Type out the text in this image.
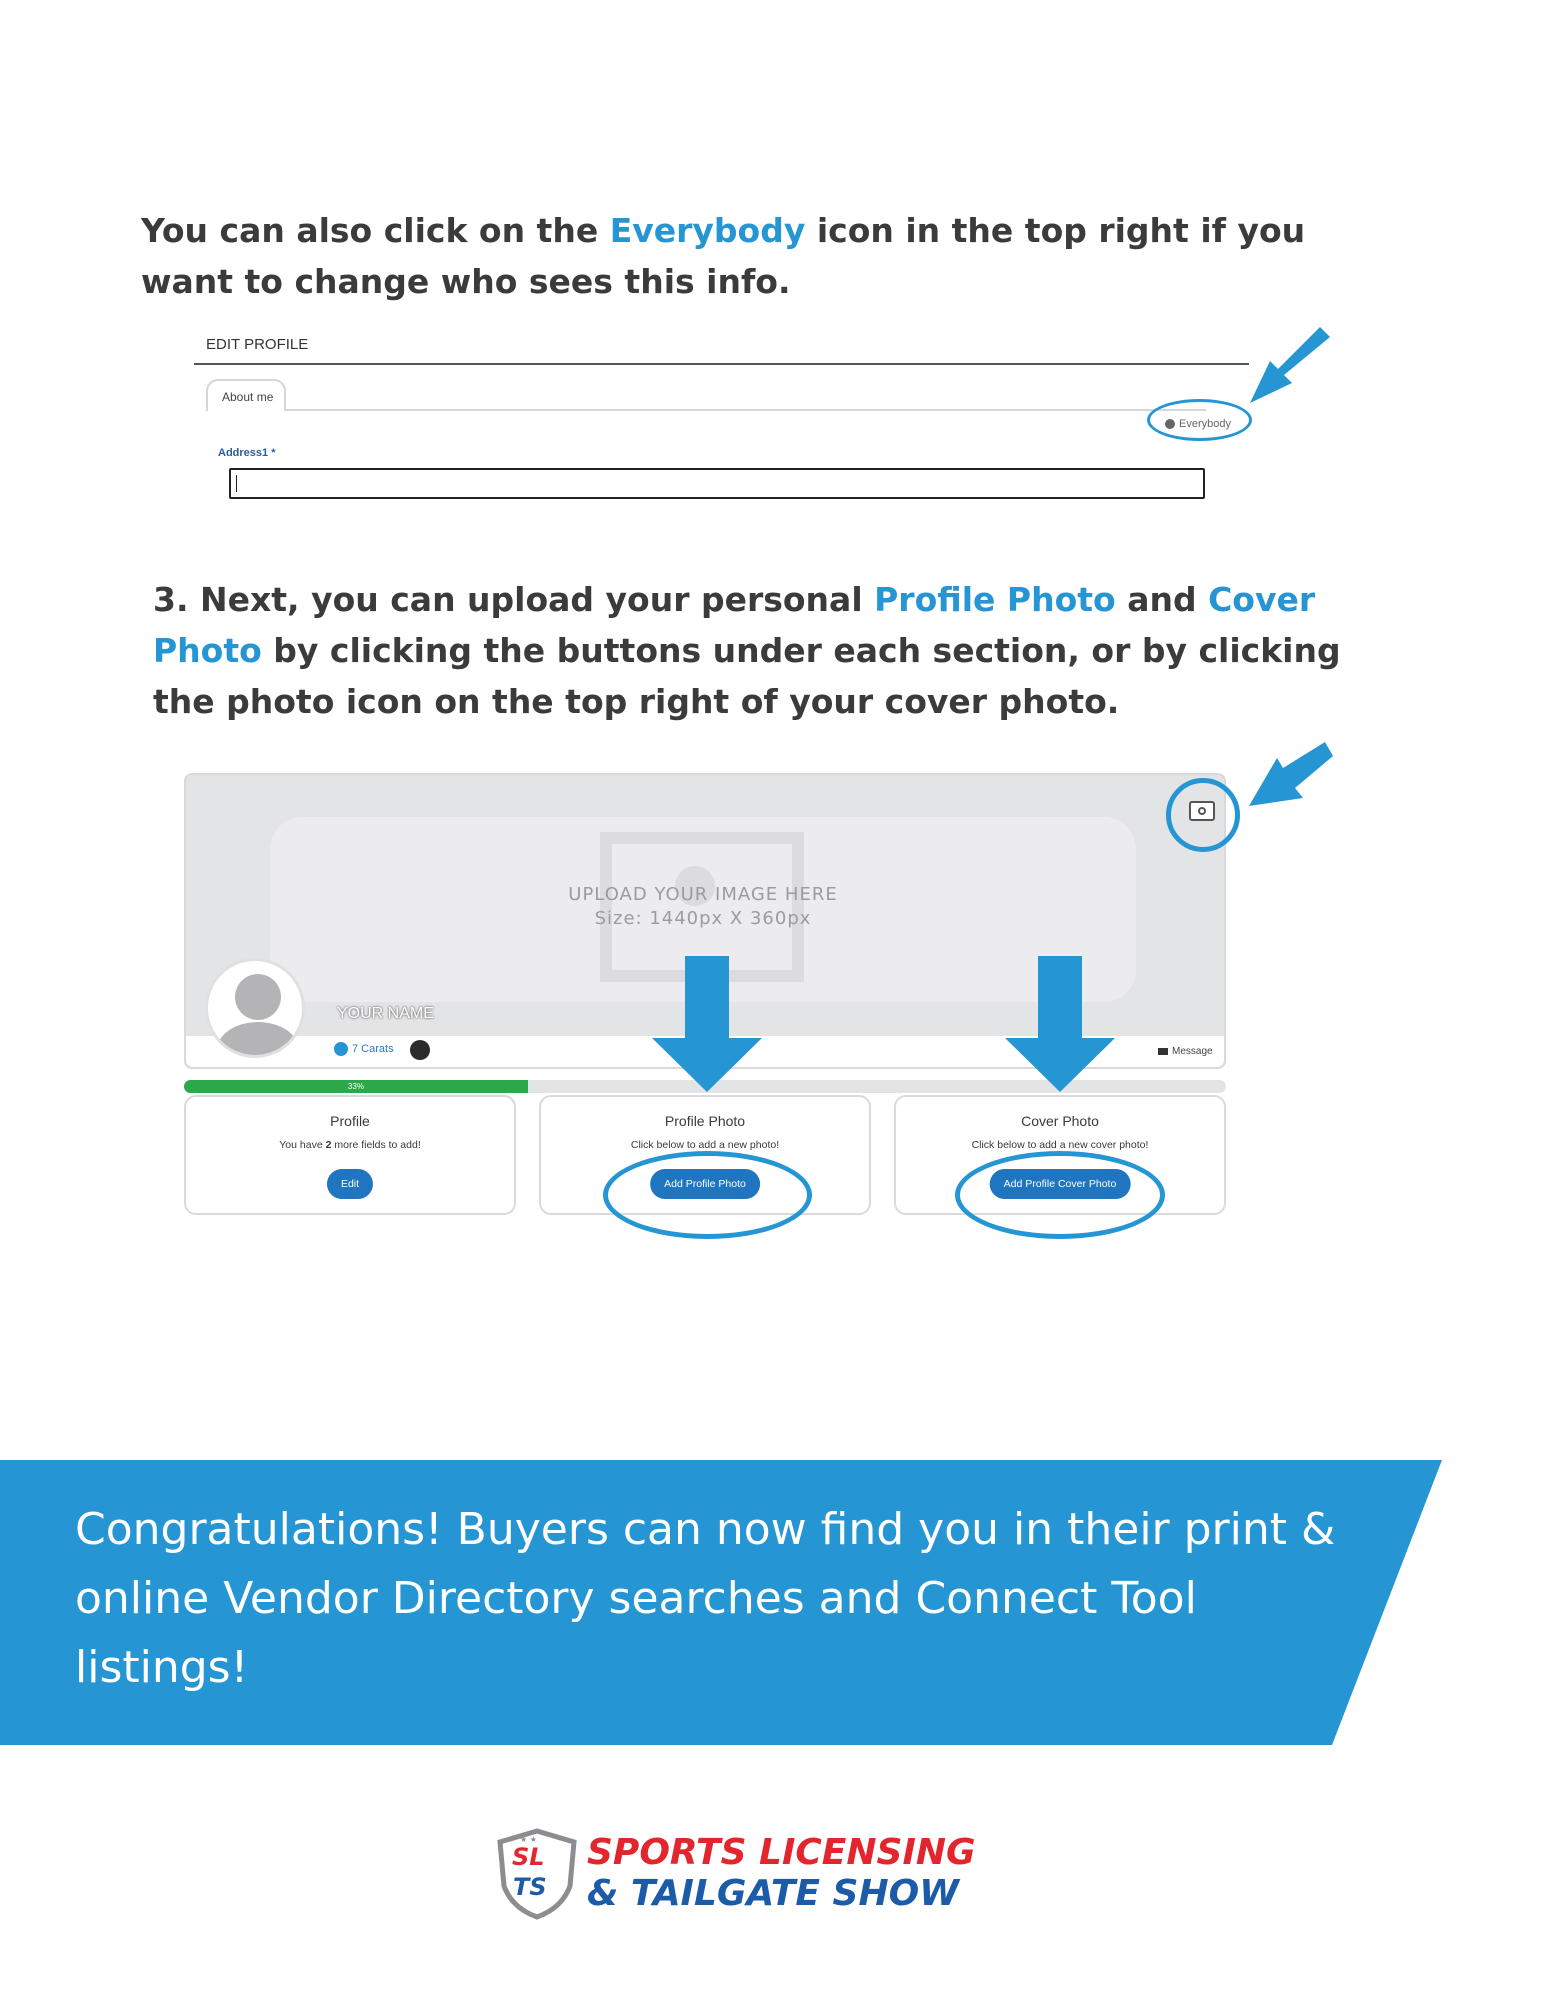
You can also click on the Everybody icon in the top right if you want to change who sees this info.

EDIT PROFILE
About me
Everybody
Address1 *

3. Next, you can upload your personal Profile Photo and Cover Photo by clicking the buttons under each section, or by clicking the photo icon on the top right of your cover photo.

UPLOAD YOUR IMAGE HERE
Size: 1440px X 360px
YOUR NAME
7 Carats	Message
33%
Profile
You have 2 more fields to add!
Edit
Profile Photo
Click below to add a new photo!
Add Profile Photo
Cover Photo
Click below to add a new cover photo!
Add Profile Cover Photo

Congratulations! Buyers can now find you in their print & online Vendor Directory searches and Connect Tool listings!

★ ★
SL
TS
SPORTS LICENSING
& TAILGATE SHOW
